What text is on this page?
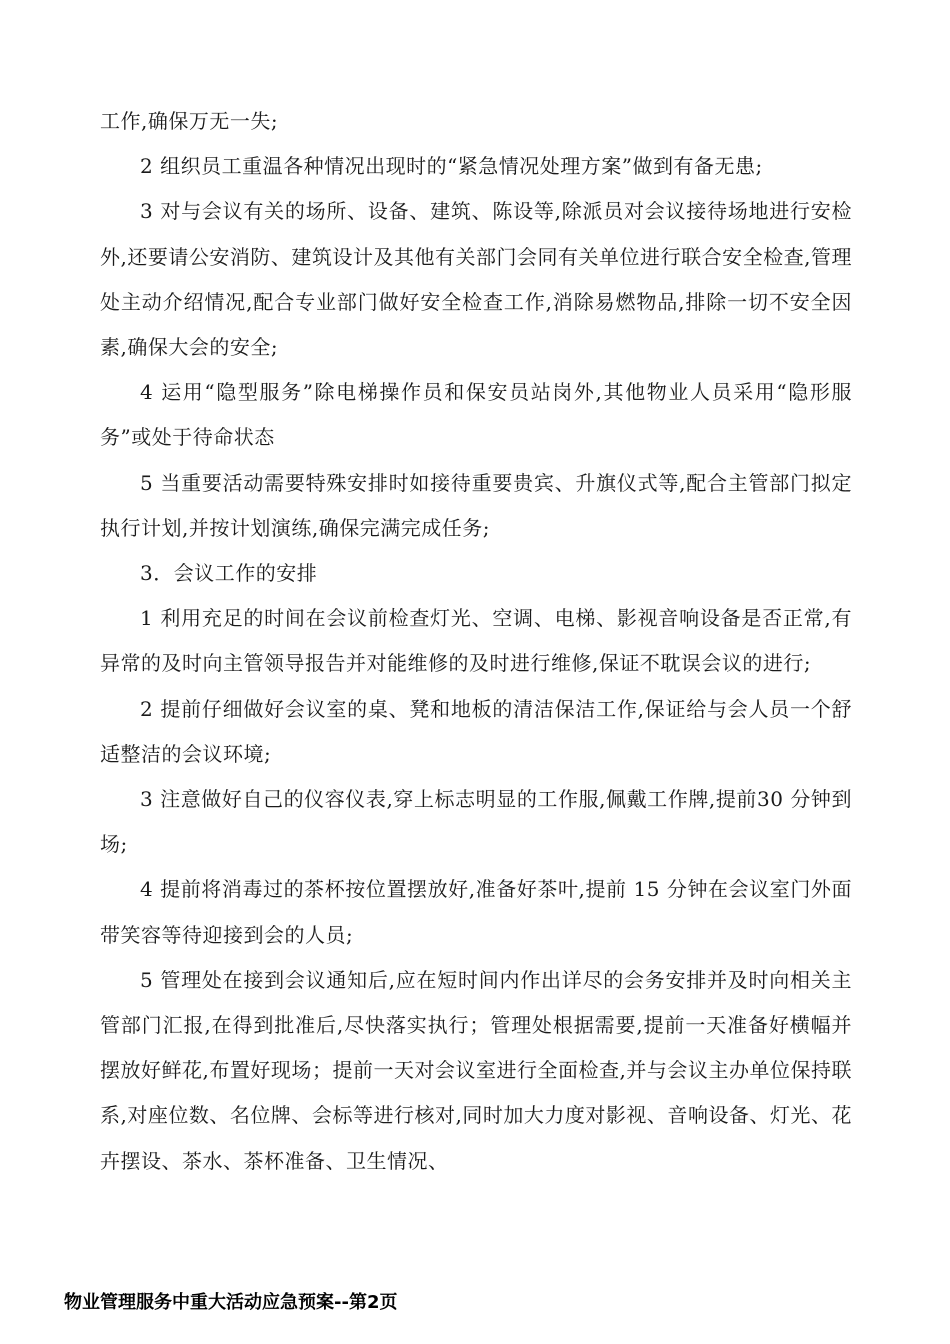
工作,确保万无一失;

2 组织员工重温各种情况出现时的“紧急情况处理方案”做到有备无患;

3 对与会议有关的场所、设备、建筑、陈设等,除派员对会议接待场地进行安检外,还要请公安消防、建筑设计及其他有关部门会同有关单位进行联合安全检查,管理处主动介绍情况,配合专业部门做好安全检查工作,消除易燃物品,排除一切不安全因素,确保大会的安全;

4 运用“隐型服务”除电梯操作员和保安员站岗外,其他物业人员采用“隐形服务”或处于待命状态

5 当重要活动需要特殊安排时如接待重要贵宾、升旗仪式等,配合主管部门拟定执行计划,并按计划演练,确保完满完成任务;

3．会议工作的安排

1 利用充足的时间在会议前检查灯光、空调、电梯、影视音响设备是否正常,有异常的及时向主管领导报告并对能维修的及时进行维修,保证不耽误会议的进行;

2 提前仔细做好会议室的桌、凳和地板的清洁保洁工作,保证给与会人员一个舒适整洁的会议环境;

3 注意做好自己的仪容仪表,穿上标志明显的工作服,佩戴工作牌,提前30 分钟到场;

4 提前将消毒过的茶杯按位置摆放好,准备好茶叶,提前 15 分钟在会议室门外面带笑容等待迎接到会的人员;

5 管理处在接到会议通知后,应在短时间内作出详尽的会务安排并及时向相关主管部门汇报,在得到批准后,尽快落实执行；管理处根据需要,提前一天准备好横幅并摆放好鲜花,布置好现场；提前一天对会议室进行全面检查,并与会议主办单位保持联系,对座位数、名位牌、会标等进行核对,同时加大力度对影视、音响设备、灯光、花卉摆设、茶水、茶杯准备、卫生情况、

物业管理服务中重大活动应急预案--第2页
